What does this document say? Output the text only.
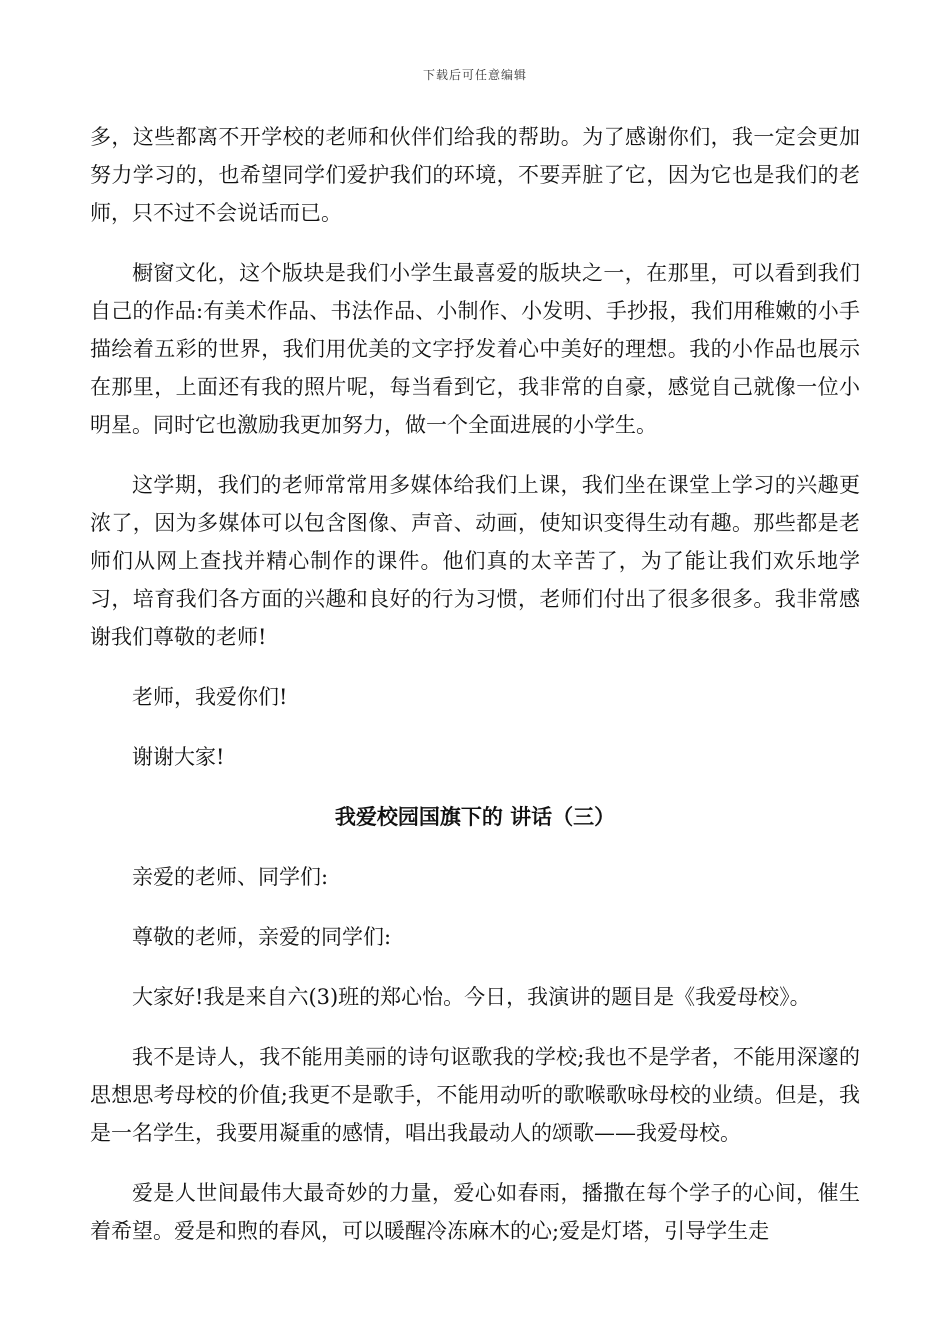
下载后可任意编辑

多，这些都离不开学校的老师和伙伴们给我的帮助。为了感谢你们，我一定会更加努力学习的，也希望同学们爱护我们的环境，不要弄脏了它，因为它也是我们的老师，只不过不会说话而已。

橱窗文化，这个版块是我们小学生最喜爱的版块之一，在那里，可以看到我们自己的作品:有美术作品、书法作品、小制作、小发明、手抄报，我们用稚嫩的小手描绘着五彩的世界，我们用优美的文字抒发着心中美好的理想。我的小作品也展示在那里，上面还有我的照片呢，每当看到它，我非常的自豪，感觉自己就像一位小明星。同时它也激励我更加努力，做一个全面进展的小学生。

这学期，我们的老师常常用多媒体给我们上课，我们坐在课堂上学习的兴趣更浓了，因为多媒体可以包含图像、声音、动画，使知识变得生动有趣。那些都是老师们从网上查找并精心制作的课件。他们真的太辛苦了，为了能让我们欢乐地学习，培育我们各方面的兴趣和良好的行为习惯，老师们付出了很多很多。我非常感谢我们尊敬的老师!

老师，我爱你们!

谢谢大家!

我爱校园国旗下的 讲话（三）

亲爱的老师、同学们:

尊敬的老师，亲爱的同学们:

大家好!我是来自六(3)班的郑心怡。今日，我演讲的题目是《我爱母校》。

我不是诗人，我不能用美丽的诗句讴歌我的学校;我也不是学者，不能用深邃的思想思考母校的价值;我更不是歌手，不能用动听的歌喉歌咏母校的业绩。但是，我是一名学生，我要用凝重的感情，唱出我最动人的颂歌——我爱母校。

爱是人世间最伟大最奇妙的力量，爱心如春雨，播撒在每个学子的心间，催生着希望。爱是和煦的春风，可以暖醒冷冻麻木的心;爱是灯塔，引导学生走
